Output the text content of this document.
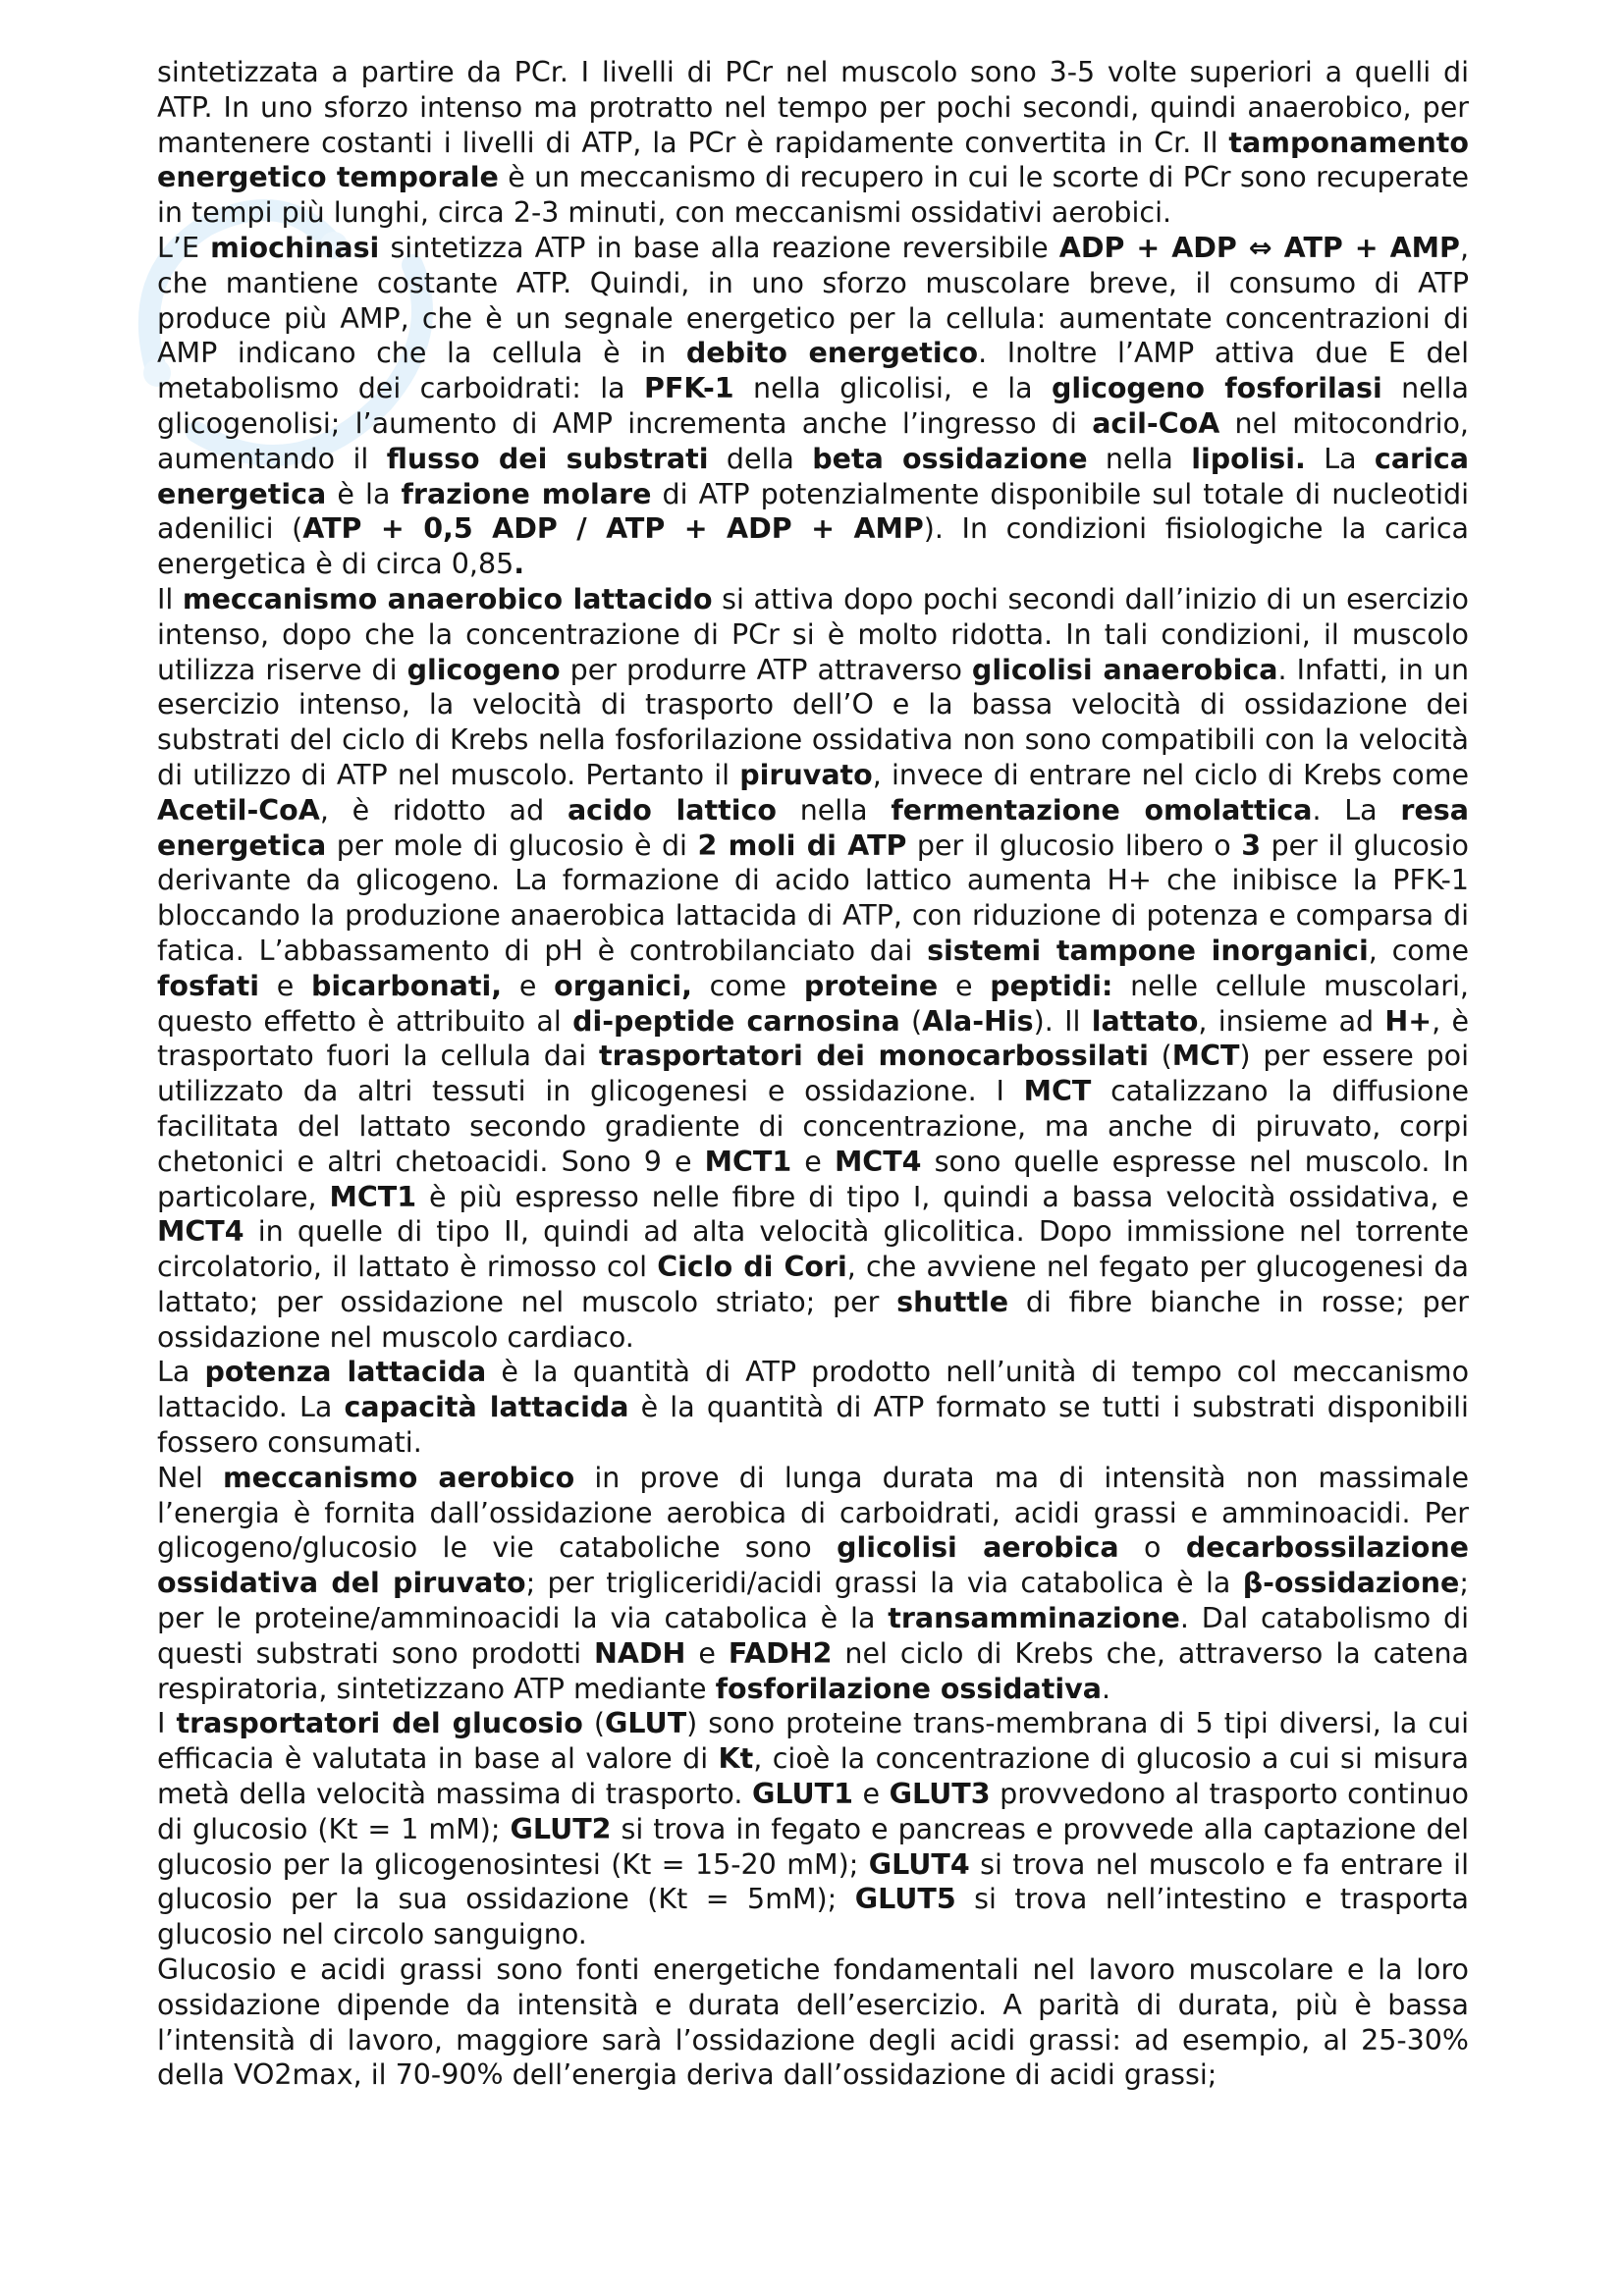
sintetizzata a partire da PCr. I livelli di PCr nel muscolo sono 3-5 volte superiori a quelli di ATP. In uno sforzo intenso ma protratto nel tempo per pochi secondi, quindi anaerobico, per mantenere costanti i livelli di ATP, la PCr è rapidamente convertita in Cr. Il tamponamento energetico temporale è un meccanismo di recupero in cui le scorte di PCr sono recuperate in tempi più lunghi, circa 2-3 minuti, con meccanismi ossidativi aerobici.

L’E miochinasi sintetizza ATP in base alla reazione reversibile ADP + ADP ⇔ ATP + AMP, che mantiene costante ATP. Quindi, in uno sforzo muscolare breve, il consumo di ATP produce più AMP, che è un segnale energetico per la cellula: aumentate concentrazioni di AMP indicano che la cellula è in debito energetico. Inoltre l’AMP attiva due E del metabolismo dei carboidrati: la PFK-1 nella glicolisi, e la glicogeno fosforilasi nella glicogenolisi; l’aumento di AMP incrementa anche l’ingresso di acil-CoA nel mitocondrio, aumentando il flusso dei substrati della beta ossidazione nella lipolisi. La carica energetica è la frazione molare di ATP potenzialmente disponibile sul totale di nucleotidi adenilici (ATP + 0,5 ADP / ATP + ADP + AMP). In condizioni fisiologiche la carica energetica è di circa 0,85.

Il meccanismo anaerobico lattacido si attiva dopo pochi secondi dall’inizio di un esercizio intenso, dopo che la concentrazione di PCr si è molto ridotta. In tali condizioni, il muscolo utilizza riserve di glicogeno per produrre ATP attraverso glicolisi anaerobica. Infatti, in un esercizio intenso, la velocità di trasporto dell’O e la bassa velocità di ossidazione dei substrati del ciclo di Krebs nella fosforilazione ossidativa non sono compatibili con la velocità di utilizzo di ATP nel muscolo. Pertanto il piruvato, invece di entrare nel ciclo di Krebs come Acetil-CoA, è ridotto ad acido lattico nella fermentazione omolattica. La resa energetica per mole di glucosio è di 2 moli di ATP per il glucosio libero o 3 per il glucosio derivante da glicogeno. La formazione di acido lattico aumenta H+ che inibisce la PFK-1 bloccando la produzione anaerobica lattacida di ATP, con riduzione di potenza e comparsa di fatica. L’abbassamento di pH è controbilanciato dai sistemi tampone inorganici, come fosfati e bicarbonati, e organici, come proteine e peptidi: nelle cellule muscolari, questo effetto è attribuito al di-peptide carnosina (Ala-His). Il lattato, insieme ad H+, è trasportato fuori la cellula dai trasportatori dei monocarbossilati (MCT) per essere poi utilizzato da altri tessuti in glicogenesi e ossidazione. I MCT catalizzano la diffusione facilitata del lattato secondo gradiente di concentrazione, ma anche di piruvato, corpi chetonici e altri chetoacidi. Sono 9 e MCT1 e MCT4 sono quelle espresse nel muscolo. In particolare, MCT1 è più espresso nelle fibre di tipo I, quindi a bassa velocità ossidativa, e MCT4 in quelle di tipo II, quindi ad alta velocità glicolitica. Dopo immissione nel torrente circolatorio, il lattato è rimosso col Ciclo di Cori, che avviene nel fegato per glucogenesi da lattato; per ossidazione nel muscolo striato; per shuttle di fibre bianche in rosse; per ossidazione nel muscolo cardiaco.

La potenza lattacida è la quantità di ATP prodotto nell’unità di tempo col meccanismo lattacido. La capacità lattacida è la quantità di ATP formato se tutti i substrati disponibili fossero consumati.

Nel meccanismo aerobico in prove di lunga durata ma di intensità non massimale l’energia è fornita dall’ossidazione aerobica di carboidrati, acidi grassi e amminoacidi. Per glicogeno/glucosio le vie cataboliche sono glicolisi aerobica o decarbossilazione ossidativa del piruvato; per trigliceridi/acidi grassi la via catabolica è la β-ossidazione; per le proteine/amminoacidi la via catabolica è la transamminazione. Dal catabolismo di questi substrati sono prodotti NADH e FADH2 nel ciclo di Krebs che, attraverso la catena respiratoria, sintetizzano ATP mediante fosforilazione ossidativa.

I trasportatori del glucosio (GLUT) sono proteine trans-membrana di 5 tipi diversi, la cui efficacia è valutata in base al valore di Kt, cioè la concentrazione di glucosio a cui si misura metà della velocità massima di trasporto. GLUT1 e GLUT3 provvedono al trasporto continuo di glucosio (Kt = 1 mM); GLUT2 si trova in fegato e pancreas e provvede alla captazione del glucosio per la glicogenosintesi (Kt = 15-20 mM); GLUT4 si trova nel muscolo e fa entrare il glucosio per la sua ossidazione (Kt = 5mM); GLUT5 si trova nell’intestino e trasporta glucosio nel circolo sanguigno.

Glucosio e acidi grassi sono fonti energetiche fondamentali nel lavoro muscolare e la loro ossidazione dipende da intensità e durata dell’esercizio. A parità di durata, più è bassa l’intensità di lavoro, maggiore sarà l’ossidazione degli acidi grassi: ad esempio, al 25-30% della VO2max, il 70-90% dell’energia deriva dall’ossidazione di acidi grassi;
